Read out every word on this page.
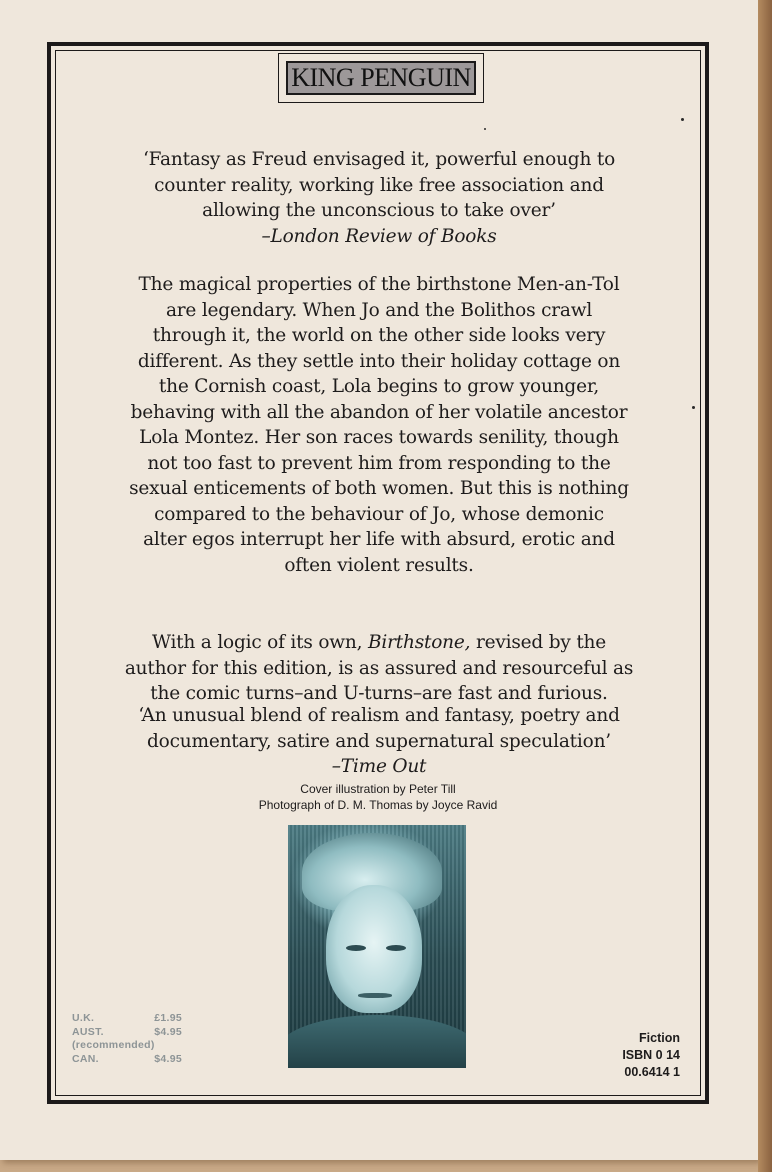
KING PENGUIN
‘Fantasy as Freud envisaged it, powerful enough to
counter reality, working like free association and
allowing the unconscious to take over’
–London Review of Books
The magical properties of the birthstone Men-an-Tol
are legendary. When Jo and the Bolithos crawl
through it, the world on the other side looks very
different. As they settle into their holiday cottage on
the Cornish coast, Lola begins to grow younger,
behaving with all the abandon of her volatile ancestor
Lola Montez. Her son races towards senility, though
not too fast to prevent him from responding to the
sexual enticements of both women. But this is nothing
compared to the behaviour of Jo, whose demonic
alter egos interrupt her life with absurd, erotic and
often violent results.
With a logic of its own, Birthstone, revised by the
author for this edition, is as assured and resourceful as
the comic turns–and U-turns–are fast and furious.
‘An unusual blend of realism and fantasy, poetry and
documentary, satire and supernatural speculation’
–Time Out
Cover illustration by Peter Till
Photograph of D. M. Thomas by Joyce Ravid
U.K.	£1.95
AUST.	$4.95
(recommended)
CAN.	$4.95
Fiction
ISBN 0 14
00.6414 1
